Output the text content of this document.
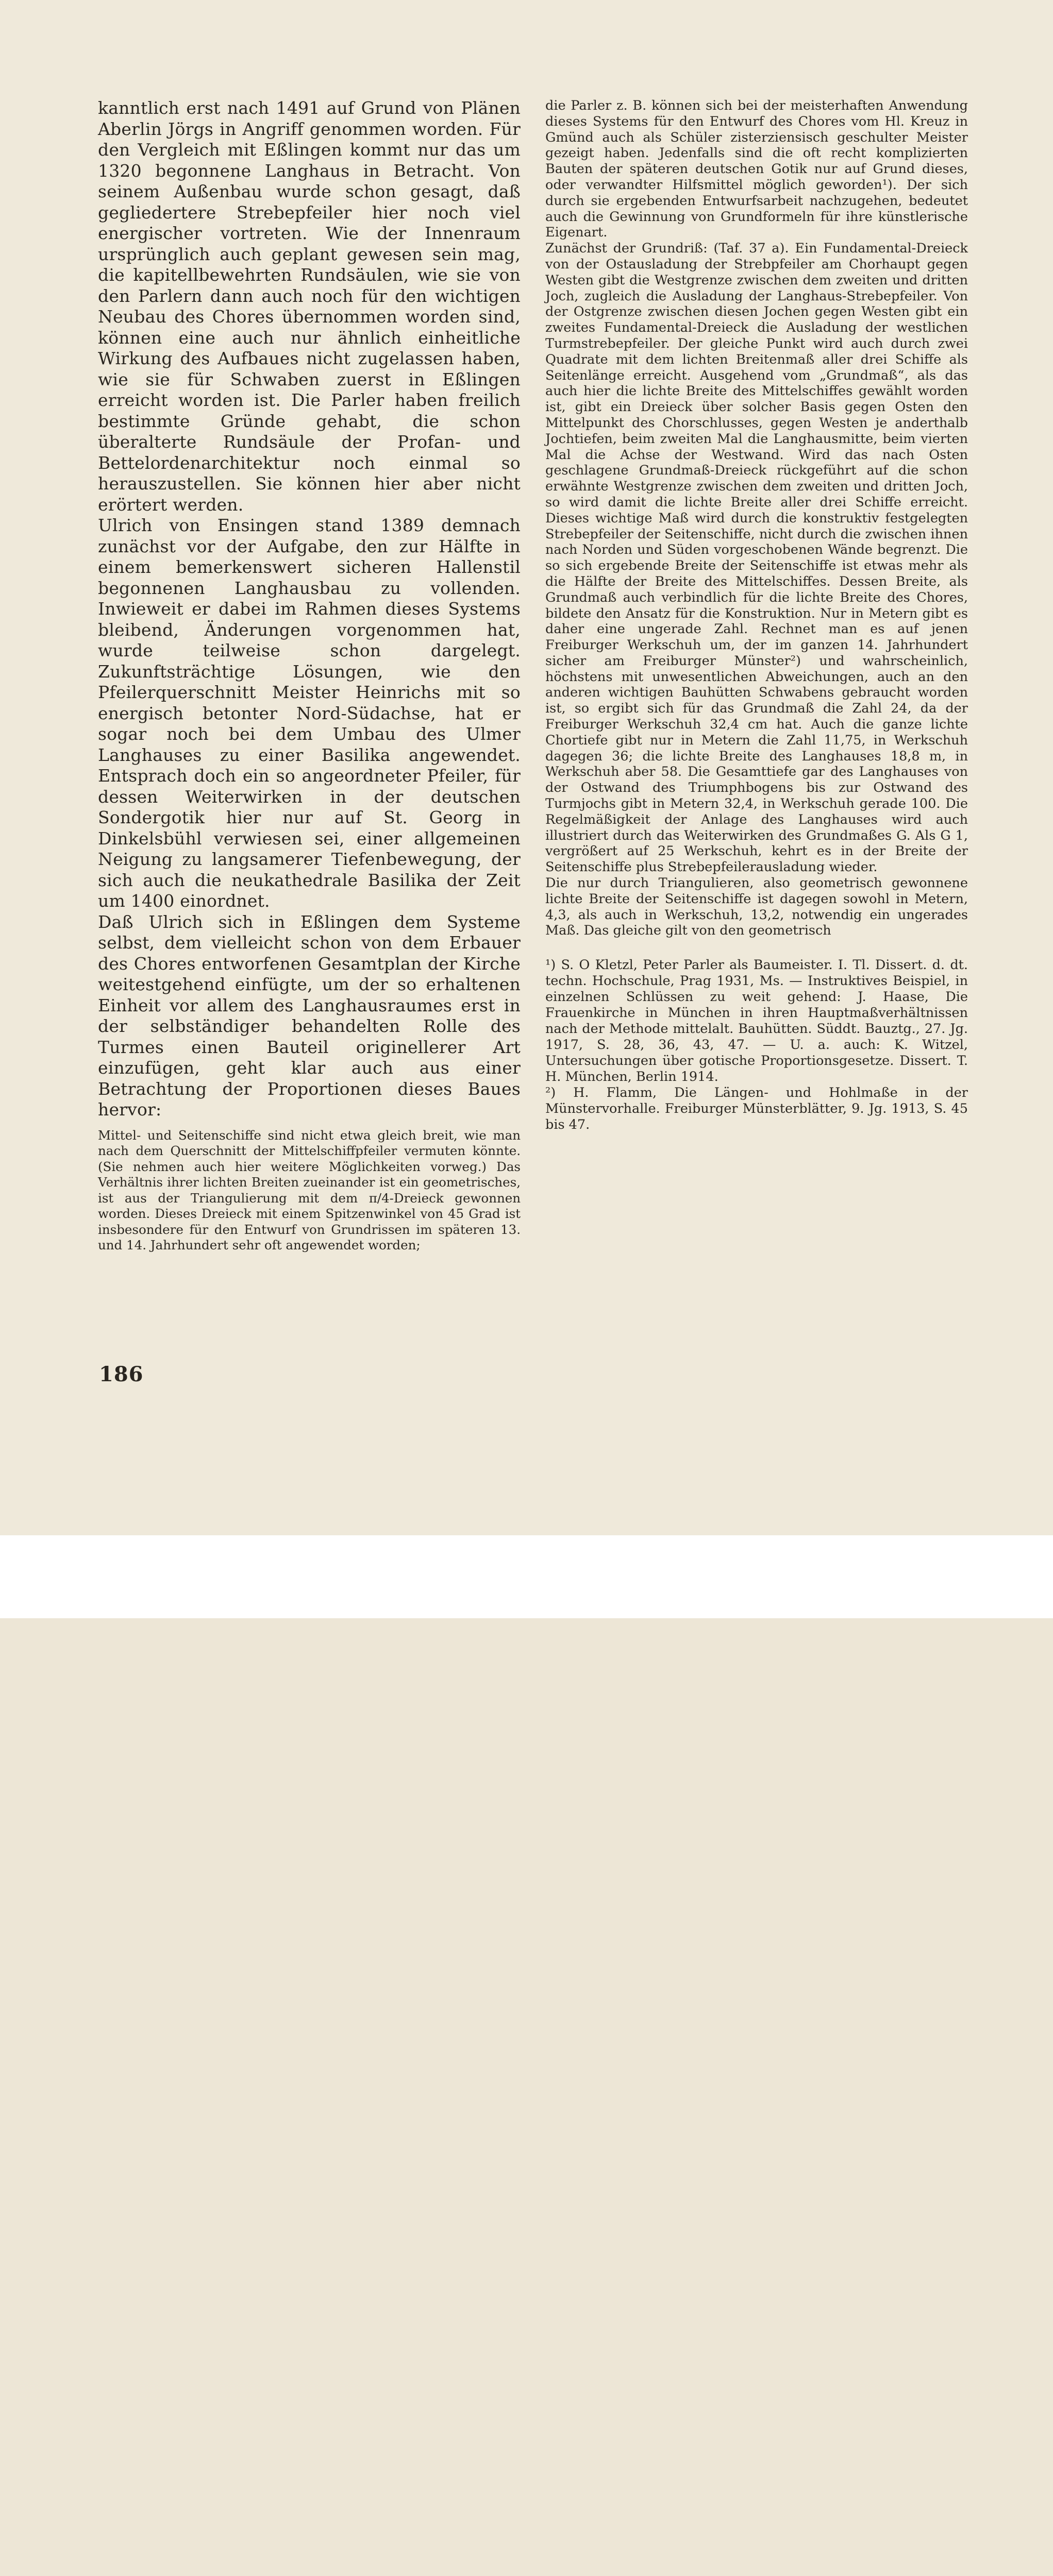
kanntlich erst nach 1491 auf Grund von Plänen Aberlin Jörgs in Angriff genommen worden. Für den Vergleich mit Eßlingen kommt nur das um 1320 begonnene Langhaus in Betracht. Von seinem Außenbau wurde schon gesagt, daß gegliedertere Strebepfeiler hier noch viel energischer vortreten. Wie der Innenraum ursprünglich auch geplant gewesen sein mag, die kapitellbewehrten Rundsäulen, wie sie von den Parlern dann auch noch für den wichtigen Neubau des Chores übernommen worden sind, können eine auch nur ähnlich einheitliche Wirkung des Aufbaues nicht zugelassen haben, wie sie für Schwaben zuerst in Eßlingen erreicht worden ist. Die Parler haben freilich bestimmte Gründe gehabt, die schon überalterte Rundsäule der Profan- und Bettelordenarchitektur noch einmal so herauszustellen. Sie können hier aber nicht erörtert werden.

Ulrich von Ensingen stand 1389 demnach zunächst vor der Aufgabe, den zur Hälfte in einem bemerkenswert sicheren Hallenstil begonnenen Langhausbau zu vollenden. Inwieweit er dabei im Rahmen dieses Systems bleibend, Änderungen vorgenommen hat, wurde teilweise schon dargelegt. Zukunftsträchtige Lösungen, wie den Pfeilerquerschnitt Meister Heinrichs mit so energisch betonter Nord-Südachse, hat er sogar noch bei dem Umbau des Ulmer Langhauses zu einer Basilika angewendet. Entsprach doch ein so angeordneter Pfeiler, für dessen Weiterwirken in der deutschen Sondergotik hier nur auf St. Georg in Dinkelsbühl verwiesen sei, einer allgemeinen Neigung zu langsamerer Tiefenbewegung, der sich auch die neukathedrale Basilika der Zeit um 1400 einordnet.

Daß Ulrich sich in Eßlingen dem Systeme selbst, dem vielleicht schon von dem Erbauer des Chores entworfenen Gesamtplan der Kirche weitestgehend einfügte, um der so erhaltenen Einheit vor allem des Langhausraumes erst in der selbständiger behandelten Rolle des Turmes einen Bauteil originellerer Art einzufügen, geht klar auch aus einer Betrachtung der Proportionen dieses Baues hervor:

Mittel- und Seitenschiffe sind nicht etwa gleich breit, wie man nach dem Querschnitt der Mittelschiffpfeiler vermuten könnte. (Sie nehmen auch hier weitere Möglichkeiten vorweg.) Das Verhältnis ihrer lichten Breiten zueinander ist ein geometrisches, ist aus der Triangulierung mit dem π/4-Dreieck gewonnen worden. Dieses Dreieck mit einem Spitzenwinkel von 45 Grad ist insbesondere für den Entwurf von Grundrissen im späteren 13. und 14. Jahrhundert sehr oft angewendet worden;

die Parler z. B. können sich bei der meisterhaften Anwendung dieses Systems für den Entwurf des Chores vom Hl. Kreuz in Gmünd auch als Schüler zisterziensisch geschulter Meister gezeigt haben. Jedenfalls sind die oft recht komplizierten Bauten der späteren deutschen Gotik nur auf Grund dieses, oder verwandter Hilfsmittel möglich geworden¹). Der sich durch sie ergebenden Entwurfsarbeit nachzugehen, bedeutet auch die Gewinnung von Grundformeln für ihre künstlerische Eigenart.

Zunächst der Grundriß: (Taf. 37 a). Ein Fundamental-Dreieck von der Ostausladung der Strebpfeiler am Chorhaupt gegen Westen gibt die Westgrenze zwischen dem zweiten und dritten Joch, zugleich die Ausladung der Langhaus-Strebepfeiler. Von der Ostgrenze zwischen diesen Jochen gegen Westen gibt ein zweites Fundamental-Dreieck die Ausladung der westlichen Turmstrebepfeiler. Der gleiche Punkt wird auch durch zwei Quadrate mit dem lichten Breitenmaß aller drei Schiffe als Seitenlänge erreicht. Ausgehend vom „Grundmaß“, als das auch hier die lichte Breite des Mittelschiffes gewählt worden ist, gibt ein Dreieck über solcher Basis gegen Osten den Mittelpunkt des Chorschlusses, gegen Westen je anderthalb Jochtiefen, beim zweiten Mal die Langhausmitte, beim vierten Mal die Achse der Westwand. Wird das nach Osten geschlagene Grundmaß-Dreieck rückgeführt auf die schon erwähnte Westgrenze zwischen dem zweiten und dritten Joch, so wird damit die lichte Breite aller drei Schiffe erreicht. Dieses wichtige Maß wird durch die konstruktiv festgelegten Strebepfeiler der Seitenschiffe, nicht durch die zwischen ihnen nach Norden und Süden vorgeschobenen Wände begrenzt. Die so sich ergebende Breite der Seitenschiffe ist etwas mehr als die Hälfte der Breite des Mittelschiffes. Dessen Breite, als Grundmaß auch verbindlich für die lichte Breite des Chores, bildete den Ansatz für die Konstruktion. Nur in Metern gibt es daher eine ungerade Zahl. Rechnet man es auf jenen Freiburger Werkschuh um, der im ganzen 14. Jahrhundert sicher am Freiburger Münster²) und wahrscheinlich, höchstens mit unwesentlichen Abweichungen, auch an den anderen wichtigen Bauhütten Schwabens gebraucht worden ist, so ergibt sich für das Grundmaß die Zahl 24, da der Freiburger Werkschuh 32,4 cm hat. Auch die ganze lichte Chortiefe gibt nur in Metern die Zahl 11,75, in Werkschuh dagegen 36; die lichte Breite des Langhauses 18,8 m, in Werkschuh aber 58. Die Gesamttiefe gar des Langhauses von der Ostwand des Triumphbogens bis zur Ostwand des Turmjochs gibt in Metern 32,4, in Werkschuh gerade 100. Die Regelmäßigkeit der Anlage des Langhauses wird auch illustriert durch das Weiterwirken des Grundmaßes G. Als G 1, vergrößert auf 25 Werkschuh, kehrt es in der Breite der Seitenschiffe plus Strebepfeilerausladung wieder.

Die nur durch Triangulieren, also geometrisch gewonnene lichte Breite der Seitenschiffe ist dagegen sowohl in Metern, 4,3, als auch in Werkschuh, 13,2, notwendig ein ungerades Maß. Das gleiche gilt von den geometrisch

¹) S. O Kletzl, Peter Parler als Baumeister. I. Tl. Dissert. d. dt. techn. Hochschule, Prag 1931, Ms. — Instruktives Beispiel, in einzelnen Schlüssen zu weit gehend: J. Haase, Die Frauenkirche in München in ihren Hauptmaßverhältnissen nach der Methode mittelalt. Bauhütten. Süddt. Bauztg., 27. Jg. 1917, S. 28, 36, 43, 47. — U. a. auch: K. Witzel, Untersuchungen über gotische Proportionsgesetze. Dissert. T. H. München, Berlin 1914.

²) H. Flamm, Die Längen- und Hohlmaße in der Münstervorhalle. Freiburger Münsterblätter, 9. Jg. 1913, S. 45 bis 47.

186
